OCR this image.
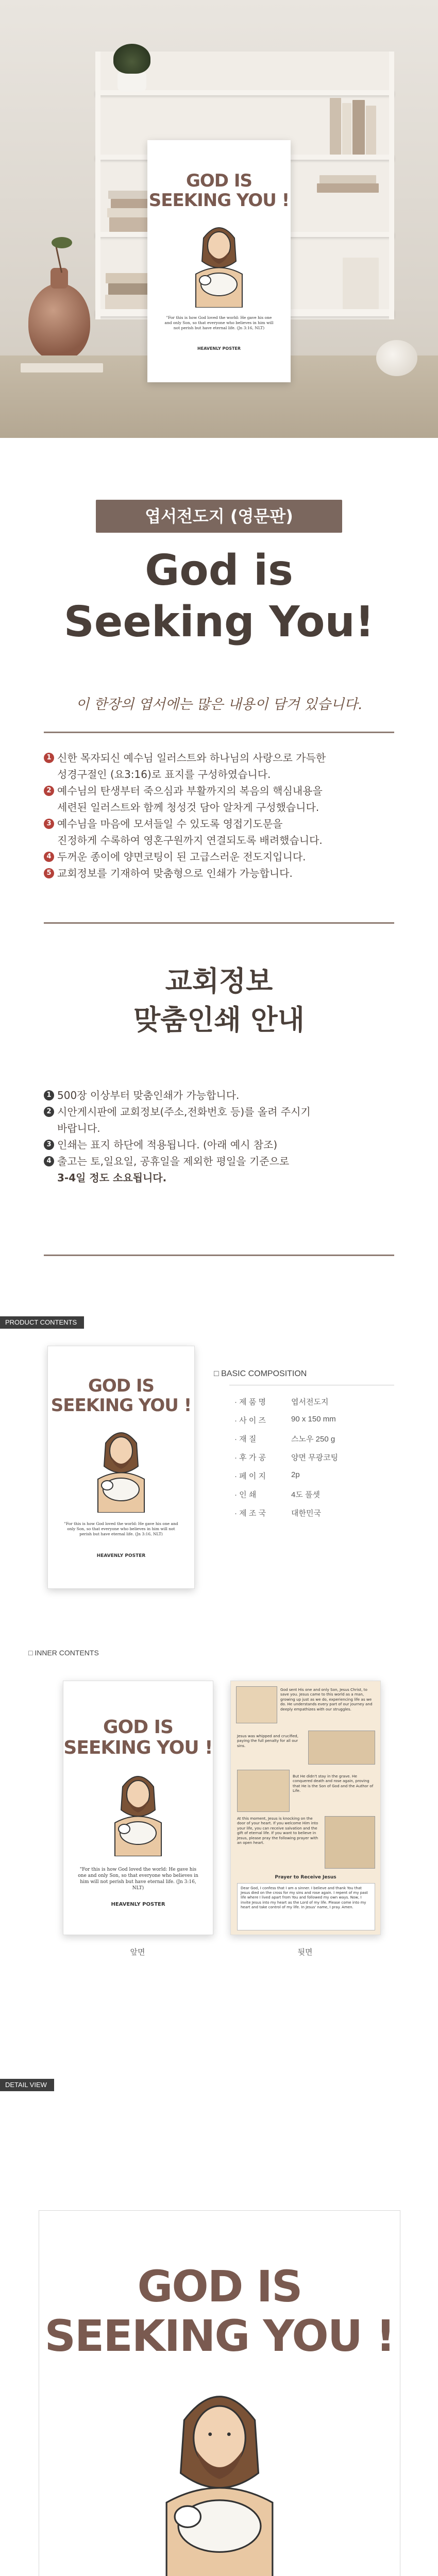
GOD IS
SEEKING YOU !
"For this is how God loved the world: He gave his one and only Son, so that everyone who believes in him will not perish but have eternal life. (Jn 3:16, NLT)
HEAVENLY POSTER
엽서전도지 (영문판)
God is
Seeking You!
이 한장의 엽서에는 많은 내용이 담겨 있습니다.
1 신한 목자되신 예수님 일러스트와 하나님의 사랑으로 가득한
성경구절인 (요3:16)로 표지를 구성하였습니다.
2 예수님의 탄생부터 죽으심과 부활까지의 복음의 핵심내용을
세련된 일러스트와 함께 청성것 담아 알차게 구성했습니다.
3 예수님을 마음에 모셔들일 수 있도록 영접기도문을
진정하게 수록하여 영혼구원까지 연결되도록 배려했습니다.
4 두꺼운 종이에 양면코팅이 된 고급스러운 전도지입니다.
5 교회정보를 기재하여 맞춤형으로 인쇄가 가능합니다.
교회정보
맞춤인쇄 안내
1 500장 이상부터 맞춤인쇄가 가능합니다.
2 시안게시판에 교회정보(주소,전화번호 등)를 올려 주시기
바랍니다.
3 인쇄는 표지 하단에 적용됩니다. (아래 예시 참조)
4 출고는 토,일요일, 공휴일을 제외한 평일을 기준으로
3-4일 정도 소요됩니다.
PRODUCT CONTENTS
GOD IS
SEEKING YOU !
"For this is how God loved the world: He gave his one and only Son, so that everyone who believes in him will not perish but have eternal life. (Jn 3:16, NLT)
HEAVENLY POSTER
□ BASIC COMPOSITION
· 제 품 명	엽서전도지
· 사 이 즈	90 x 150 mm
· 재 질	스노우 250 g
· 후 가 공	양면 무광코팅
· 페 이 지	2p
· 인 쇄	4도 풀셋
· 제 조 국	대한민국
□ INNER CONTENTS
GOD IS
SEEKING YOU !
"For this is how God loved the world: He gave his one and only Son, so that everyone who believes in him will not perish but have eternal life. (Jn 3:16, NLT)
HEAVENLY POSTER
앞면
God sent His one and only Son, Jesus Christ, to save you. Jesus came to this world as a man, growing up just as we do, experiencing life as we do. He understands every part of our journey and deeply empathizes with our struggles.
Jesus was whipped and crucified, paying the full penalty for all our sins.
But He didn't stay in the grave. He conquered death and rose again, proving that He is the Son of God and the Author of Life.
At this moment, Jesus is knocking on the door of your heart. If you welcome Him into your life, you can receive salvation and the gift of eternal life. If you want to believe in Jesus, please pray the following prayer with an open heart.
Prayer to Receive Jesus
Dear God, I confess that I am a sinner. I believe and thank You that Jesus died on the cross for my sins and rose again. I repent of my past life where I lived apart from You and followed my own ways. Now, I invite Jesus into my heart as the Lord of my life. Please come into my heart and take control of my life. In Jesus' name, I pray. Amen.
뒷면
DETAIL VIEW
GOD IS
SEEKING YOU !
